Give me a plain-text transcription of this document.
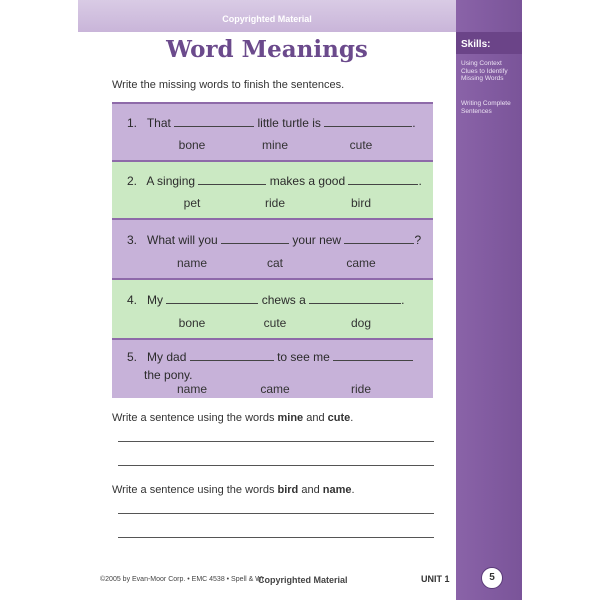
Copyrighted Material
Skills:
Using Context Clues to Identify Missing Words
Writing Complete Sentences
Word Meanings
Write the missing words to finish the sentences.
1. That	little turtle is	.
bone	mine	cute
2. A singing	makes a good	.
pet	ride	bird
3. What will you	your new	?
name	cat	came
4. My	chews a	.
bone	cute	dog
5. My dad	to see me
the pony.
name	came	ride
Write a sentence using the words mine and cute.
Write a sentence using the words bird and name.
©2005 by Evan-Moor Corp. • EMC 4538 • Spell & Wr
Copyrighted Material	UNIT 1	5
